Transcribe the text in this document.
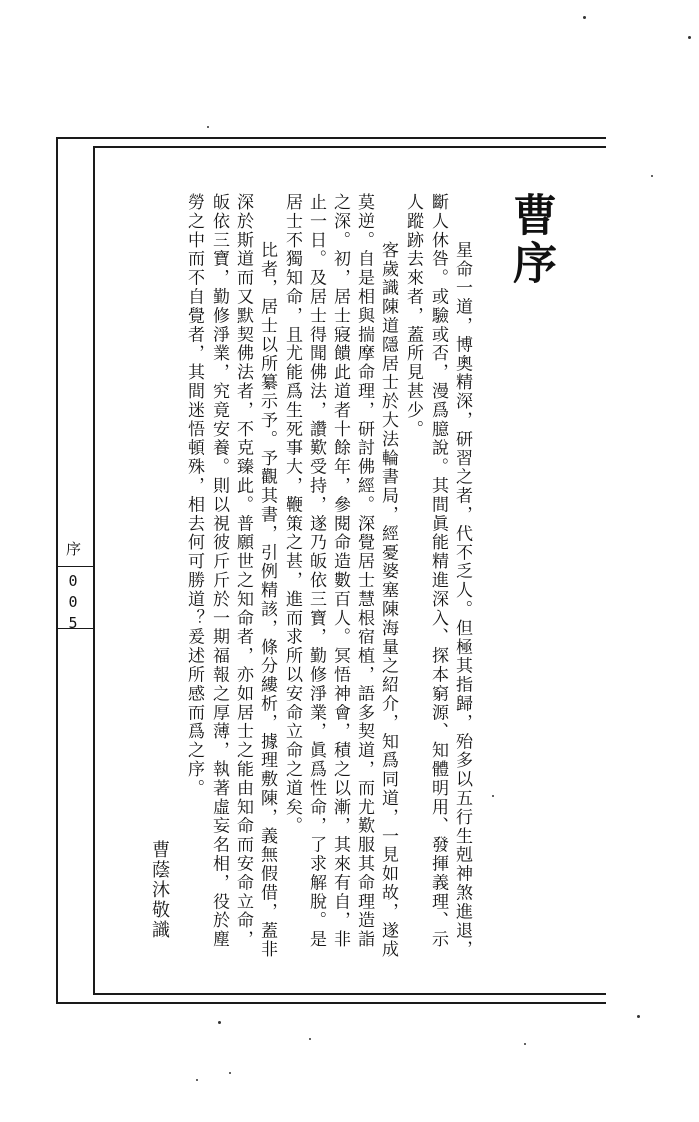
序
005
曹序
　星命一道，博奧精深，研習之者，代不乏人。但極其指歸，殆多以五行生剋神煞進退，
斷人休咎。或驗或否，漫爲臆說。其間眞能精進深入、探本窮源、知體明用、發揮義理、示
人蹤跡去來者，蓋所見甚少。
　客歲識陳道隱居士於大法輪書局，經憂婆塞陳海量之紹介，知爲同道，一見如故，遂成
莫逆。自是相與揣摩命理，研討佛經。深覺居士慧根宿植，語多契道，而尤歎服其命理造詣
之深。初，居士寢饋此道者十餘年，參閱命造數百人。冥悟神會，積之以漸，其來有自，非
止一日。及居士得聞佛法，讚歎受持，遂乃皈依三寶，勤修淨業，眞爲性命，了求解脫。是
居士不獨知命，且尤能爲生死事大，鞭策之甚，進而求所以安命立命之道矣。
　比者，居士以所纂示予。予觀其書，引例精該，條分縷析，據理敷陳，義無假借，蓋非
深於斯道而又默契佛法者，不克臻此。普願世之知命者，亦如居士之能由知命而安命立命，
皈依三寶，勤修淨業，究竟安養。則以視彼斤斤於一期福報之厚薄，執著虛妄名相，役於塵
勞之中而不自覺者，其間迷悟頓殊，相去何可勝道？爰述所感而爲之序。
曹蔭沐敬識
